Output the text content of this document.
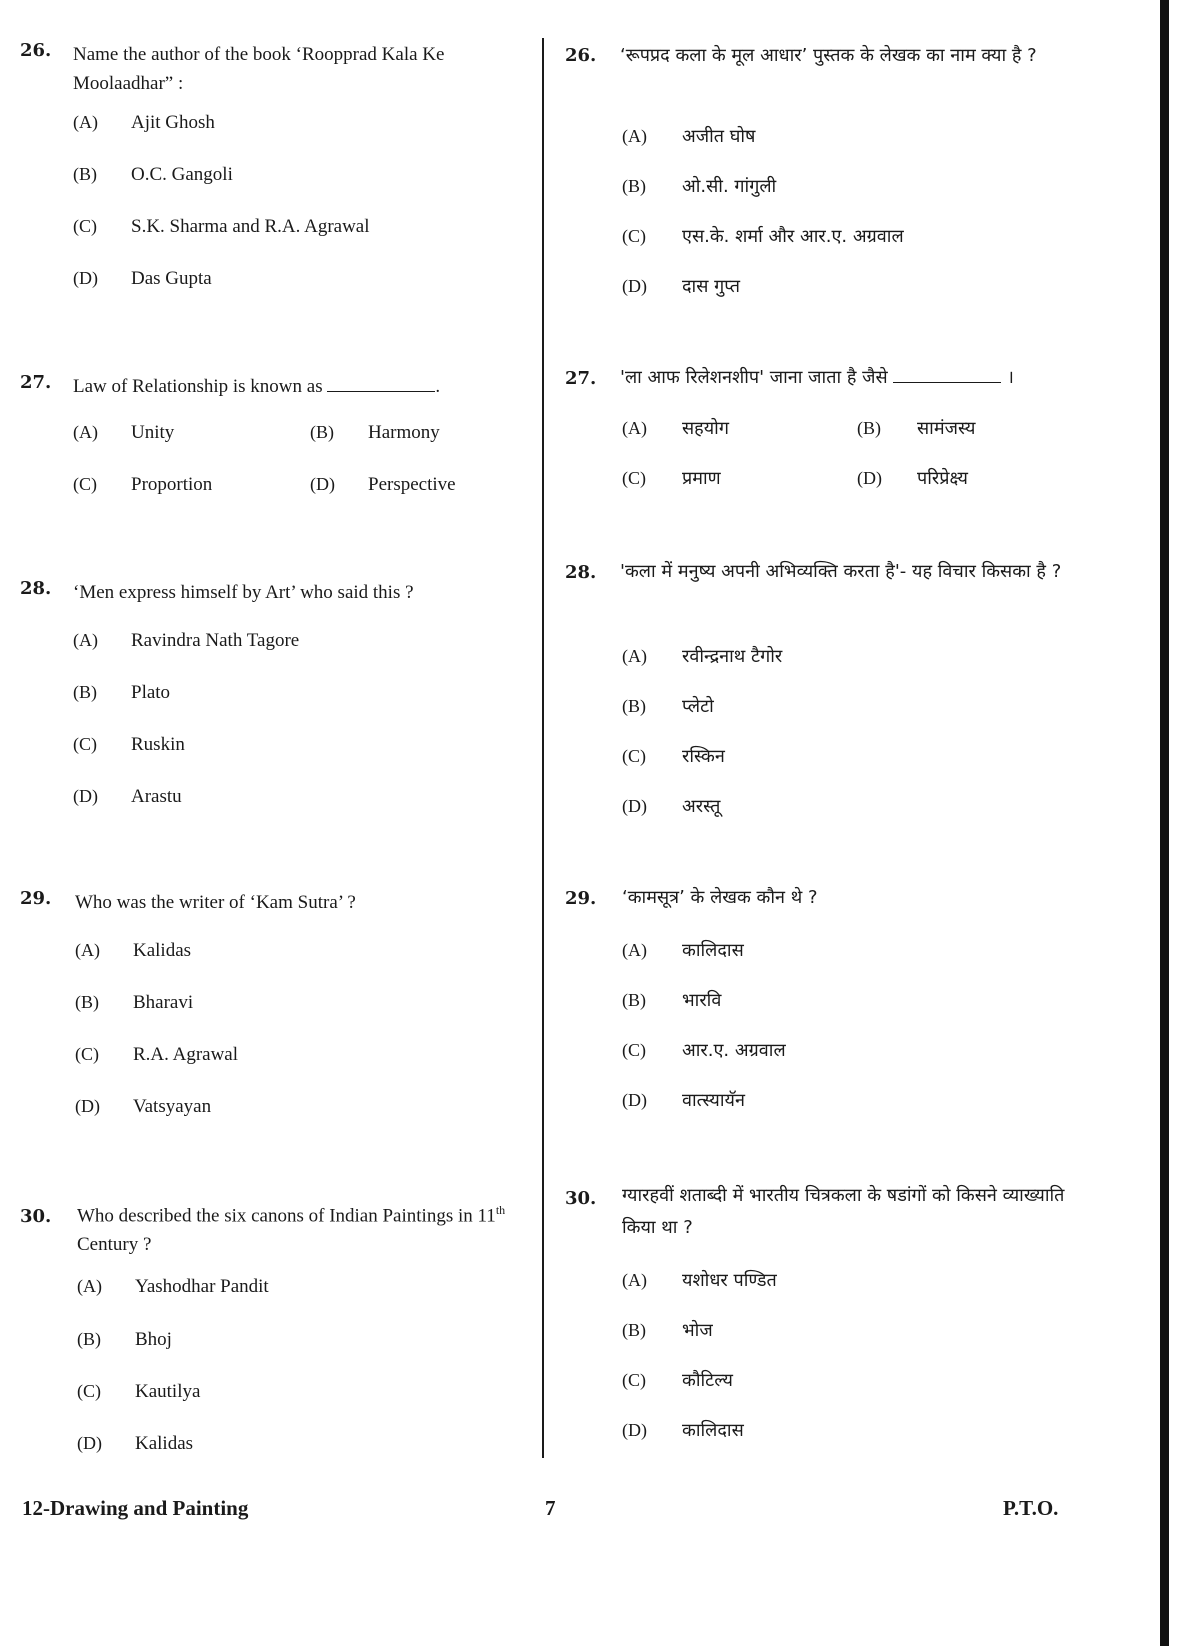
26. Name the author of the book ‘Roopprad Kala Ke Moolaadhar” :
(A) Ajit Ghosh
(B) O.C. Gangoli
(C) S.K. Sharma and R.A. Agrawal
(D) Das Gupta
26. ‘रूपप्रद कला के मूल आधार’ पुस्तक के लेखक का नाम क्या है ?
(A) अजीत घोष
(B) ओ.सी. गांगुली
(C) एस.के. शर्मा और आर.ए. अग्रवाल
(D) दास गुप्त
27. Law of Relationship is known as	.
(A) Unity	(B) Harmony
(C) Proportion	(D) Perspective
27. 'ला आफ रिलेशनशीप' जाना जाता है जैसे	।
(A) सहयोग	(B) सामंजस्य
(C) प्रमाण	(D) परिप्रेक्ष्य
28. ‘Men express himself by Art’ who said this ?
(A) Ravindra Nath Tagore
(B) Plato
(C) Ruskin
(D) Arastu
28. 'कला में मनुष्य अपनी अभिव्यक्ति करता है'- यह विचार किसका है ?
(A) रवीन्द्रनाथ टैगोर
(B) प्लेटो
(C) रस्किन
(D) अरस्तू
29. Who was the writer of ‘Kam Sutra’ ?
(A) Kalidas
(B) Bharavi
(C) R.A. Agrawal
(D) Vatsyayan
29. ‘कामसूत्र’ के लेखक कौन थे ?
(A) कालिदास
(B) भारवि
(C) आर.ए. अग्रवाल
(D) वात्स्यायॅन
30. Who described the six canons of Indian Paintings in 11th Century ?
(A) Yashodhar Pandit
(B) Bhoj
(C) Kautilya
(D) Kalidas
30. ग्यारहवीं शताब्दी में भारतीय चित्रकला के षडांगों को किसने व्याख्याति किया था ?
(A) यशोधर पण्डित
(B) भोज
(C) कौटिल्य
(D) कालिदास
12-Drawing and Painting	7	P.T.O.
